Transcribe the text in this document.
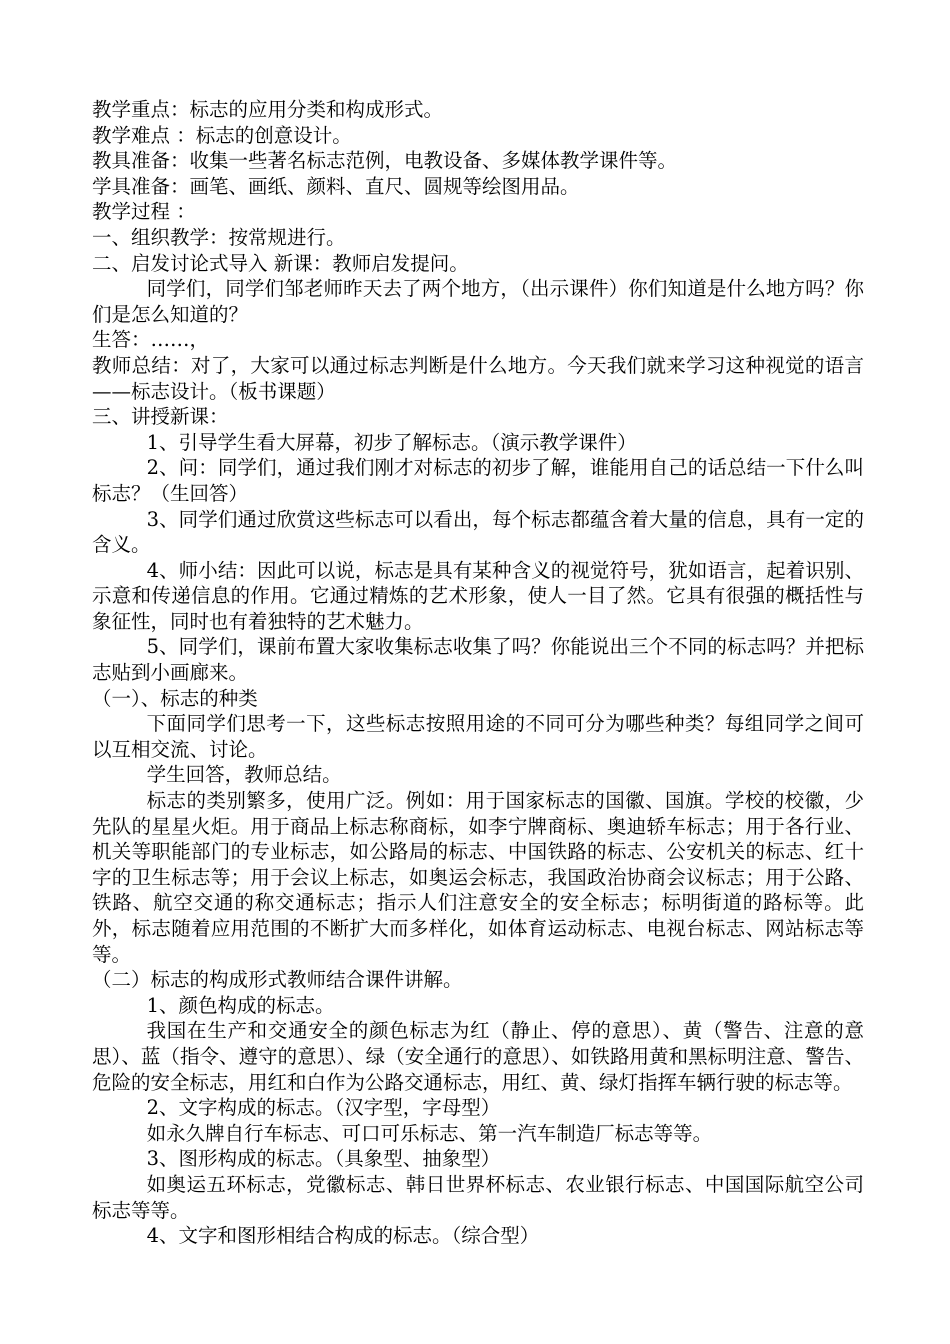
教学重点：标志的应用分类和构成形式。

教学难点 ：标志的创意设计。

教具准备：收集一些著名标志范例，电教设备、多媒体教学课件等。

学具准备：画笔、画纸、颜料、直尺、圆规等绘图用品。

教学过程 ：

一、组织教学：按常规进行。

二、启发讨论式导入 新课：教师启发提问。

同学们，同学们邹老师昨天去了两个地方，（出示课件）你们知道是什么地方吗？你们是怎么知道的？

生答：……，

教师总结：对了，大家可以通过标志判断是什么地方。今天我们就来学习这种视觉的语言——标志设计。（板书课题）

三、讲授新课：

1、引导学生看大屏幕，初步了解标志。（演示教学课件）

2、问：同学们，通过我们刚才对标志的初步了解，谁能用自己的话总结一下什么叫标志？（生回答）

3、同学们通过欣赏这些标志可以看出，每个标志都蕴含着大量的信息，具有一定的含义。

4、师小结：因此可以说，标志是具有某种含义的视觉符号，犹如语言，起着识别、示意和传递信息的作用。它通过精炼的艺术形象，使人一目了然。它具有很强的概括性与象征性，同时也有着独特的艺术魅力。

5、同学们，课前布置大家收集标志收集了吗？你能说出三个不同的标志吗？并把标志贴到小画廊来。

（一）、标志的种类

下面同学们思考一下，这些标志按照用途的不同可分为哪些种类？每组同学之间可以互相交流、讨论。

学生回答，教师总结。

标志的类别繁多，使用广泛。例如：用于国家标志的国徽、国旗。学校的校徽，少先队的星星火炬。用于商品上标志称商标，如李宁牌商标、奥迪轿车标志；用于各行业、机关等职能部门的专业标志，如公路局的标志、中国铁路的标志、公安机关的标志、红十字的卫生标志等；用于会议上标志，如奥运会标志，我国政治协商会议标志；用于公路、铁路、航空交通的称交通标志；指示人们注意安全的安全标志；标明街道的路标等。此外，标志随着应用范围的不断扩大而多样化，如体育运动标志、电视台标志、网站标志等等。

（二）标志的构成形式教师结合课件讲解。

1、颜色构成的标志。

我国在生产和交通安全的颜色标志为红（静止、停的意思）、黄（警告、注意的意思）、蓝（指令、遵守的意思）、绿（安全通行的意思）、如铁路用黄和黑标明注意、警告、危险的安全标志，用红和白作为公路交通标志，用红、黄、绿灯指挥车辆行驶的标志等。

2、文字构成的标志。（汉字型，字母型）

如永久牌自行车标志、可口可乐标志、第一汽车制造厂标志等等。

3、图形构成的标志。（具象型、抽象型）

如奥运五环标志，党徽标志、韩日世界杯标志、农业银行标志、中国国际航空公司标志等等。

4、文字和图形相结合构成的标志。（综合型）
